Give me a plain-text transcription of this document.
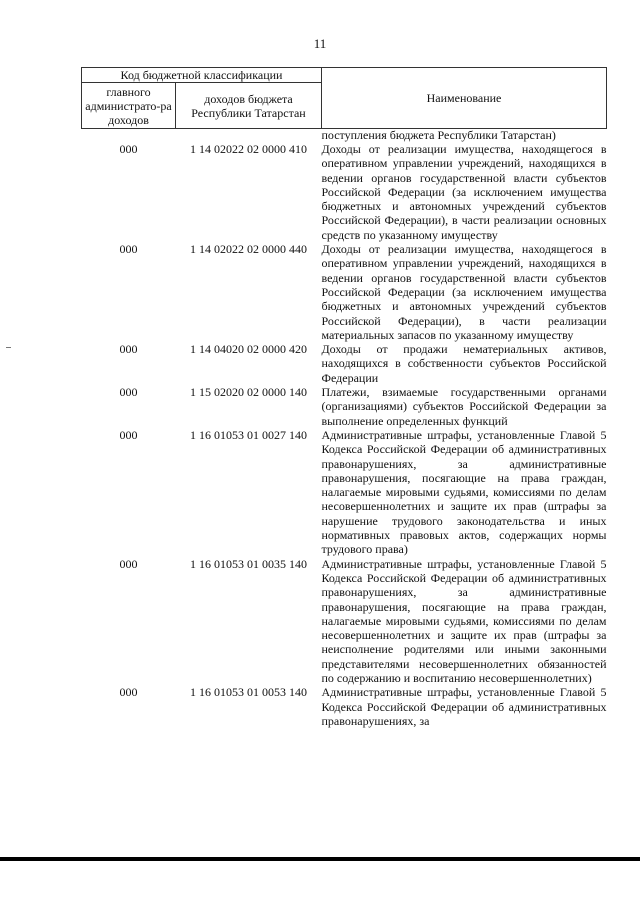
11
Код бюджетной классификации		Наименование
главного администрато-ра доходов	доходов бюджета Республики Татарстан	

		поступления бюджета Республики Татарстан)

000	1 14 02022 02 0000 410	Доходы от реализации имущества, находящегося в оперативном управлении учреждений, находящихся в ведении органов государственной власти субъектов Российской Федерации (за исключением имущества бюджетных и автономных учреждений субъектов Российской Федерации), в части реализации основных средств по указанному имуществу

000	1 14 02022 02 0000 440	Доходы от реализации имущества, находящегося в оперативном управлении учреждений, находящихся в ведении органов государственной власти субъектов Российской Федерации (за исключением имущества бюджетных и автономных учреждений субъектов Российской Федерации), в части реализации материальных запасов по указанному имуществу

000	1 14 04020 02 0000 420	Доходы от продажи нематериальных активов, находящихся в собственности субъектов Российской Федерации

000	1 15 02020 02 0000 140	Платежи, взимаемые государственными органами (организациями) субъектов Российской Федерации за выполнение определенных функций

000	1 16 01053 01 0027 140	Административные штрафы, установленные Главой 5 Кодекса Российской Федерации об административных правонарушениях, за административные правонарушения, посягающие на права граждан, налагаемые мировыми судьями, комиссиями по делам несовершеннолетних и защите их прав (штрафы за нарушение трудового законодательства и иных нормативных правовых актов, содержащих нормы трудового права)

000	1 16 01053 01 0035 140	Административные штрафы, установленные Главой 5 Кодекса Российской Федерации об административных правонарушениях, за административные правонарушения, посягающие на права граждан, налагаемые мировыми судьями, комиссиями по делам несовершеннолетних и защите их прав (штрафы за неисполнение родителями или иными законными представителями несовершеннолетних обязанностей по содержанию и воспитанию несовершеннолетних)

000	1 16 01053 01 0053 140	Административные штрафы, установленные Главой 5 Кодекса Российской Федерации об административных правонарушениях, за
